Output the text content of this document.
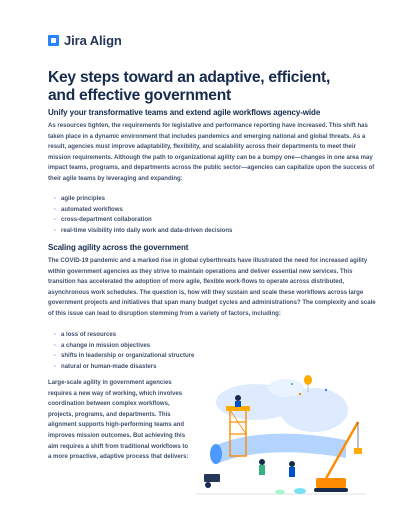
Jira Align
Key steps toward an adaptive, efficient, and effective government
Unify your transformative teams and extend agile workflows agency-wide

As resources tighten, the requirements for legislative and performance reporting have increased. This shift has taken place in a dynamic environment that includes pandemics and emerging national and global threats. As a result, agencies must improve adaptability, flexibility, and scalability across their departments to meet their mission requirements. Although the path to organizational agility can be a bumpy one—changes in one area may impact teams, programs, and departments across the public sector—agencies can capitalize upon the success of their agile teams by leveraging and expanding:

· agile principles
· automated workflows
· cross-department collaboration
· real-time visibility into daily work and data-driven decisions
Scaling agility across the government

The COVID-19 pandemic and a marked rise in global cyberthreats have illustrated the need for increased agility within government agencies as they strive to maintain operations and deliver essential new services. This transition has accelerated the adoption of more agile, flexible work-flows to operate across distributed, asynchronous work schedules. The question is, how will they sustain and scale these workflows across large government projects and initiatives that span many budget cycles and administrations? The complexity and scale of this issue can lead to disruption stemming from a variety of factors, including:

· a loss of resources
· a change in mission objectives
· shifts in leadership or organizational structure
· natural or human-made disasters

Large-scale agility in government agencies requires a new way of working, which involves coordination between complex workflows, projects, programs, and departments. This alignment supports high-performing teams and improves mission outcomes. But achieving this aim requires a shift from traditional workflows to a more proactive, adaptive process that delivers:
